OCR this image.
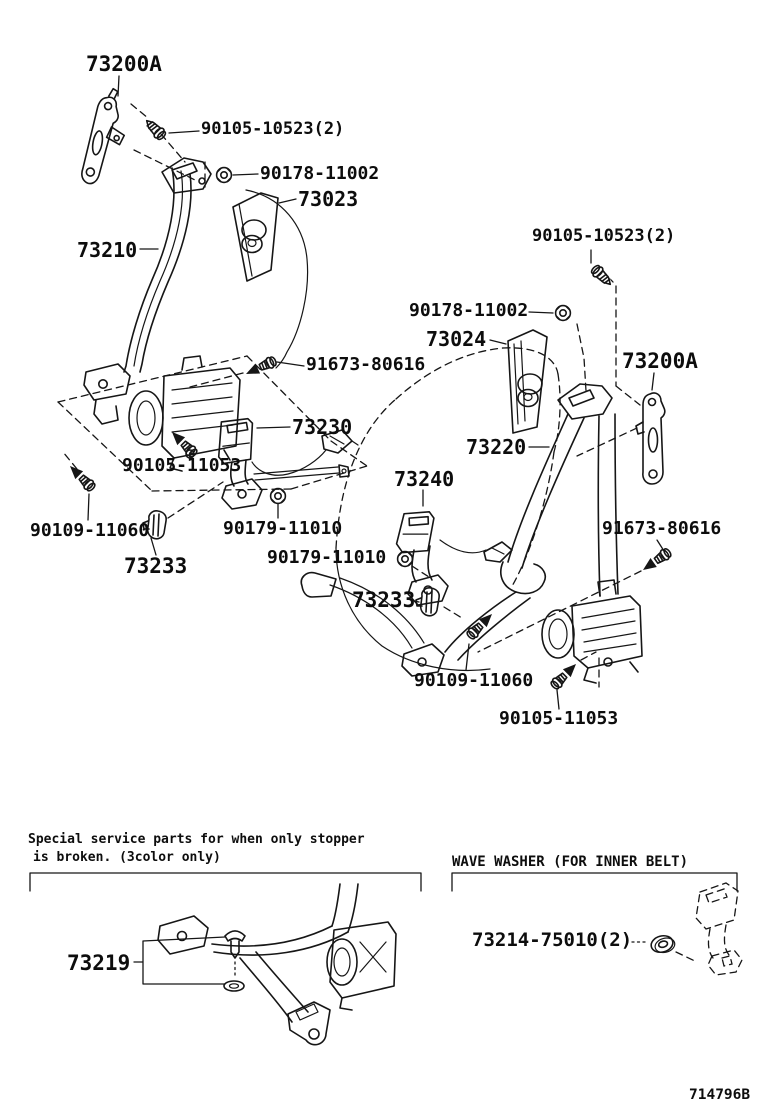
73200A
90105-10523(2)
90178-11002
73023
73210
91673-80616
73230
90105-11053
90109-11060	90179-11010
73233
90105-10523(2)
90178-11002
73024
73200A
73220
73240
91673-80616
90179-11010
73233
90109-11060
90105-11053
Special service parts for when only stopper
is broken. (3color only)	WAVE WASHER (FOR INNER BELT)
73219
73214-75010(2)
714796B
